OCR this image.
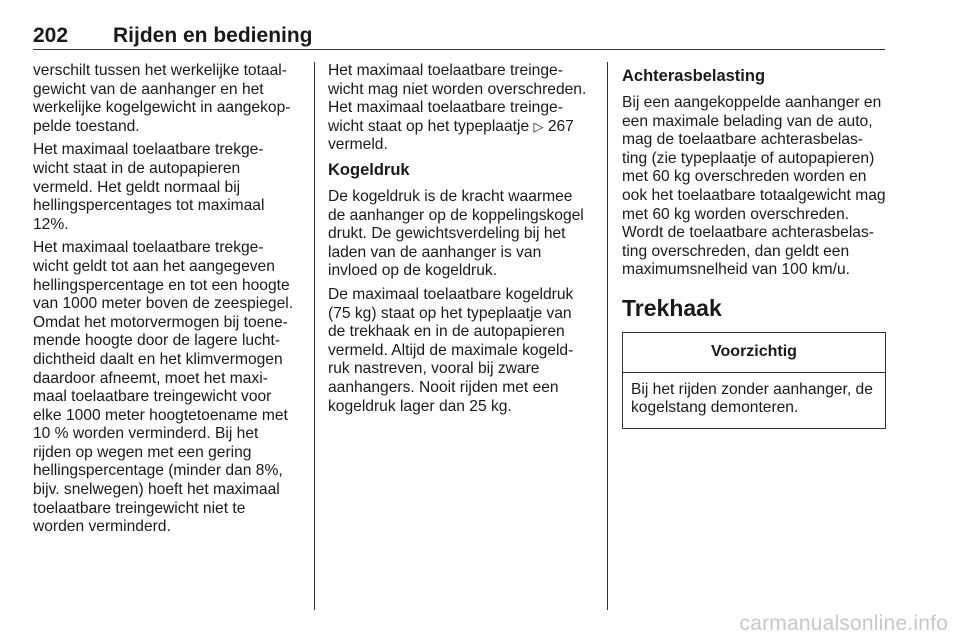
202 Rijden en bediening

verschilt tussen het werkelijke totaal-gewicht van de aanhanger en het werkelijke kogelgewicht in aangekop-pelde toestand.

Het maximaal toelaatbare trekge-wicht staat in de autopapieren vermeld. Het geldt normaal bij hellingspercentages tot maximaal 12%.

Het maximaal toelaatbare trekge-wicht geldt tot aan het aangegeven hellingspercentage en tot een hoogte van 1000 meter boven de zeespiegel. Omdat het motorvermogen bij toene-mende hoogte door de lagere lucht-dichtheid daalt en het klimvermogen daardoor afneemt, moet het maxi-maal toelaatbare treingewicht voor elke 1000 meter hoogtetoename met 10 % worden verminderd. Bij het rijden op wegen met een gering hellingspercentage (minder dan 8%, bijv. snelwegen) hoeft het maximaal toelaatbare treingewicht niet te worden verminderd.

Het maximaal toelaatbare treinge-wicht mag niet worden overschreden. Het maximaal toelaatbare treinge-wicht staat op het typeplaatje ▷ 267 vermeld.

Kogeldruk

De kogeldruk is de kracht waarmee de aanhanger op de koppelingskogel drukt. De gewichtsverdeling bij het laden van de aanhanger is van invloed op de kogeldruk.

De maximaal toelaatbare kogeldruk (75 kg) staat op het typeplaatje van de trekhaak en in de autopapieren vermeld. Altijd de maximale kogeld-ruk nastreven, vooral bij zware aanhangers. Nooit rijden met een kogeldruk lager dan 25 kg.

Achterasbelasting

Bij een aangekoppelde aanhanger en een maximale belading van de auto, mag de toelaatbare achterasbelas-ting (zie typeplaatje of autopapieren) met 60 kg overschreden worden en ook het toelaatbare totaalgewicht mag met 60 kg worden overschreden. Wordt de toelaatbare achterasbelas-ting overschreden, dan geldt een maximumsnelheid van 100 km/u.

Trekhaak
Voorzichtig
Bij het rijden zonder aanhanger, de kogelstang demonteren.
carmanualsonline.info
